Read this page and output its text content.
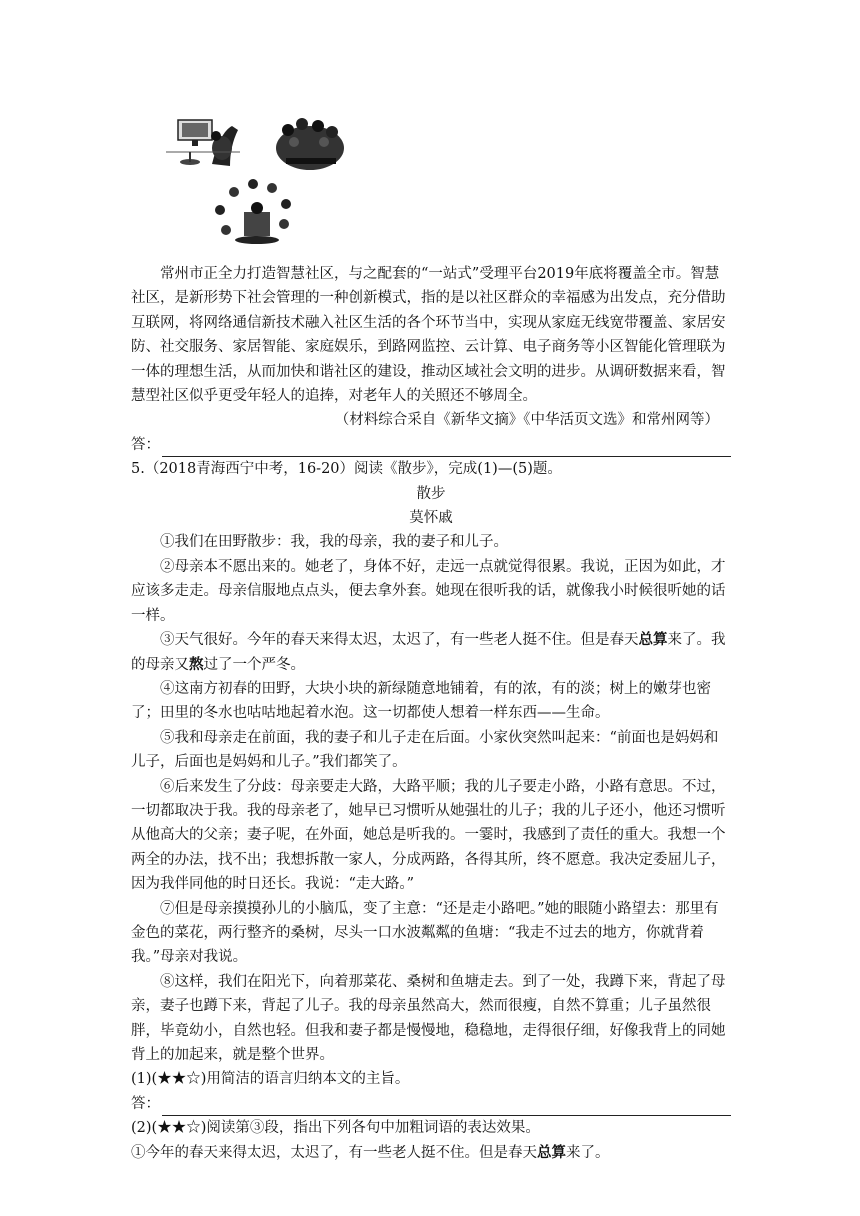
常州市正全力打造智慧社区，与之配套的“一站式”受理平台2019年底将覆盖全市。智慧社区，是新形势下社会管理的一种创新模式，指的是以社区群众的幸福感为出发点，充分借助互联网，将网络通信新技术融入社区生活的各个环节当中，实现从家庭无线宽带覆盖、家居安防、社交服务、家居智能、家庭娱乐，到路网监控、云计算、电子商务等小区智能化管理联为一体的理想生活，从而加快和谐社区的建设，推动区域社会文明的进步。从调研数据来看，智慧型社区似乎更受年轻人的追捧，对老年人的关照还不够周全。

（材料综合采自《新华文摘》《中华活页文选》和常州网等）

答：

5.（2018青海西宁中考，16-20）阅读《散步》，完成(1)—(5)题。

散步

莫怀戚

①我们在田野散步：我，我的母亲，我的妻子和儿子。

②母亲本不愿出来的。她老了，身体不好，走远一点就觉得很累。我说，正因为如此，才应该多走走。母亲信服地点点头，便去拿外套。她现在很听我的话，就像我小时候很听她的话一样。

③天气很好。今年的春天来得太迟，太迟了，有一些老人挺不住。但是春天总算来了。我的母亲又熬过了一个严冬。

④这南方初春的田野，大块小块的新绿随意地铺着，有的浓，有的淡；树上的嫩芽也密了；田里的冬水也咕咕地起着水泡。这一切都使人想着一样东西——生命。

⑤我和母亲走在前面，我的妻子和儿子走在后面。小家伙突然叫起来：“前面也是妈妈和儿子，后面也是妈妈和儿子。”我们都笑了。

⑥后来发生了分歧：母亲要走大路，大路平顺；我的儿子要走小路，小路有意思。不过，一切都取决于我。我的母亲老了，她早已习惯听从她强壮的儿子；我的儿子还小，他还习惯听从他高大的父亲；妻子呢，在外面，她总是听我的。一霎时，我感到了责任的重大。我想一个两全的办法，找不出；我想拆散一家人，分成两路，各得其所，终不愿意。我决定委屈儿子，因为我伴同他的时日还长。我说：“走大路。”

⑦但是母亲摸摸孙儿的小脑瓜，变了主意：“还是走小路吧。”她的眼随小路望去：那里有金色的菜花，两行整齐的桑树，尽头一口水波粼粼的鱼塘：“我走不过去的地方，你就背着我。”母亲对我说。

⑧这样，我们在阳光下，向着那菜花、桑树和鱼塘走去。到了一处，我蹲下来，背起了母亲，妻子也蹲下来，背起了儿子。我的母亲虽然高大，然而很瘦，自然不算重；儿子虽然很胖，毕竟幼小，自然也轻。但我和妻子都是慢慢地，稳稳地，走得很仔细，好像我背上的同她背上的加起来，就是整个世界。

(1)(★★☆)用简洁的语言归纳本文的主旨。

答：

(2)(★★☆)阅读第③段，指出下列各句中加粗词语的表达效果。

①今年的春天来得太迟，太迟了，有一些老人挺不住。但是春天总算来了。
